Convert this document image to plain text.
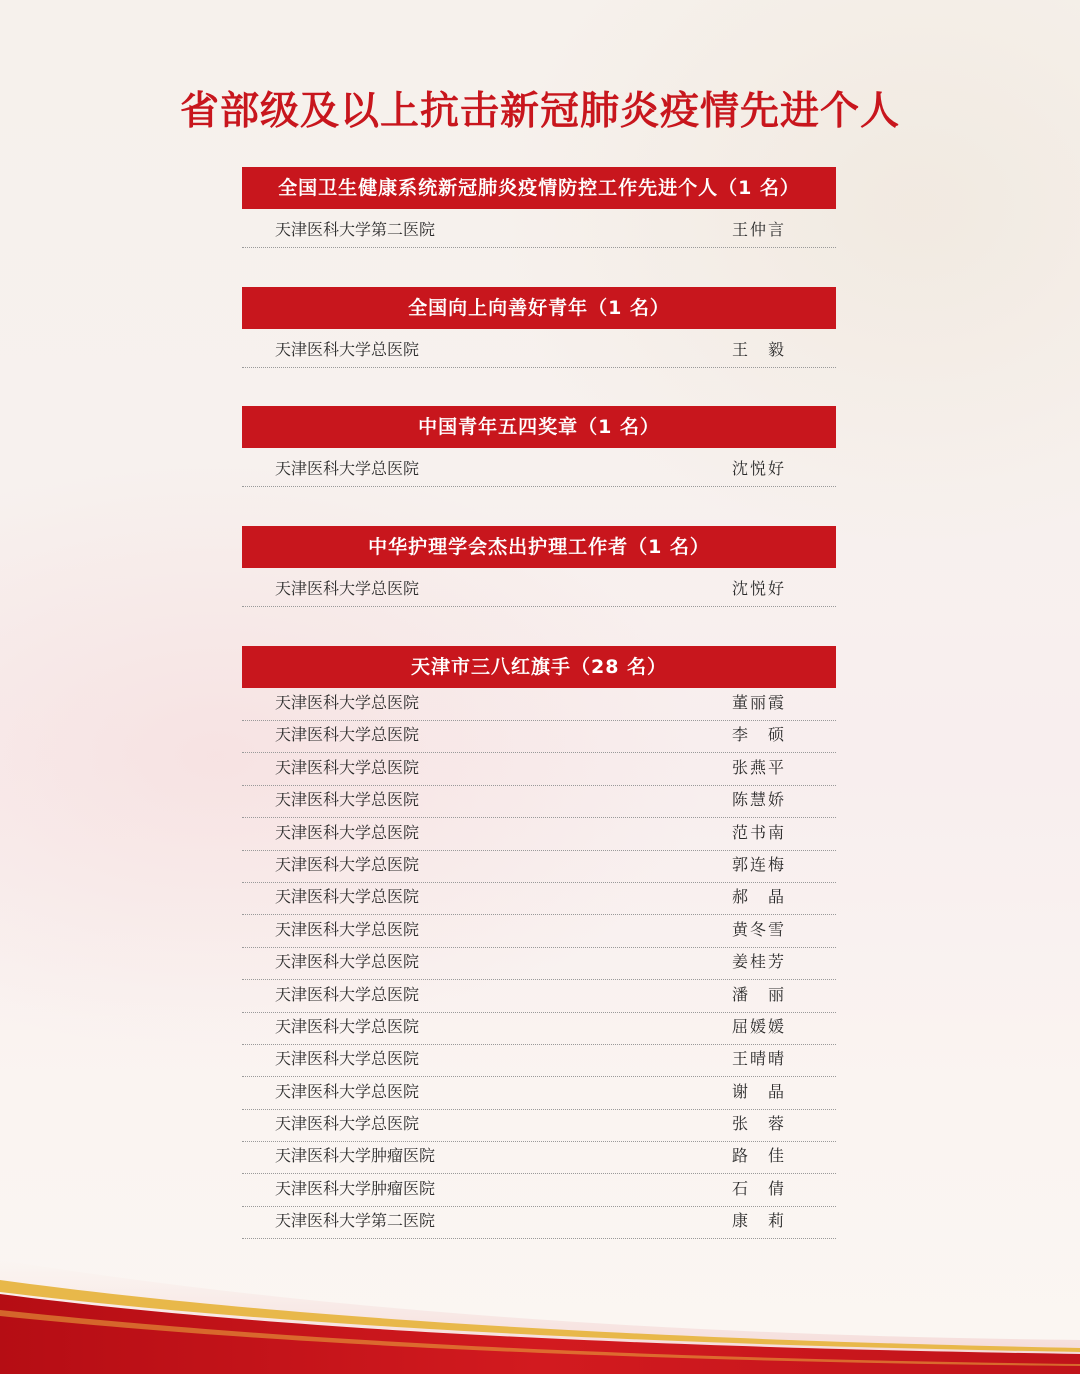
省部级及以上抗击新冠肺炎疫情先进个人
全国卫生健康系统新冠肺炎疫情防控工作先进个人（1 名）
天津医科大学第二医院	王仲言
全国向上向善好青年（1 名）
天津医科大学总医院	王　毅
中国青年五四奖章（1 名）
天津医科大学总医院	沈悦好
中华护理学会杰出护理工作者（1 名）
天津医科大学总医院	沈悦好
天津市三八红旗手（28 名）
天津医科大学总医院	董丽霞
天津医科大学总医院	李　硕
天津医科大学总医院	张燕平
天津医科大学总医院	陈慧娇
天津医科大学总医院	范书南
天津医科大学总医院	郭连梅
天津医科大学总医院	郝　晶
天津医科大学总医院	黄冬雪
天津医科大学总医院	姜桂芳
天津医科大学总医院	潘　丽
天津医科大学总医院	屈媛媛
天津医科大学总医院	王晴晴
天津医科大学总医院	谢　晶
天津医科大学总医院	张　蓉
天津医科大学肿瘤医院	路　佳
天津医科大学肿瘤医院	石　倩
天津医科大学第二医院	康　莉
